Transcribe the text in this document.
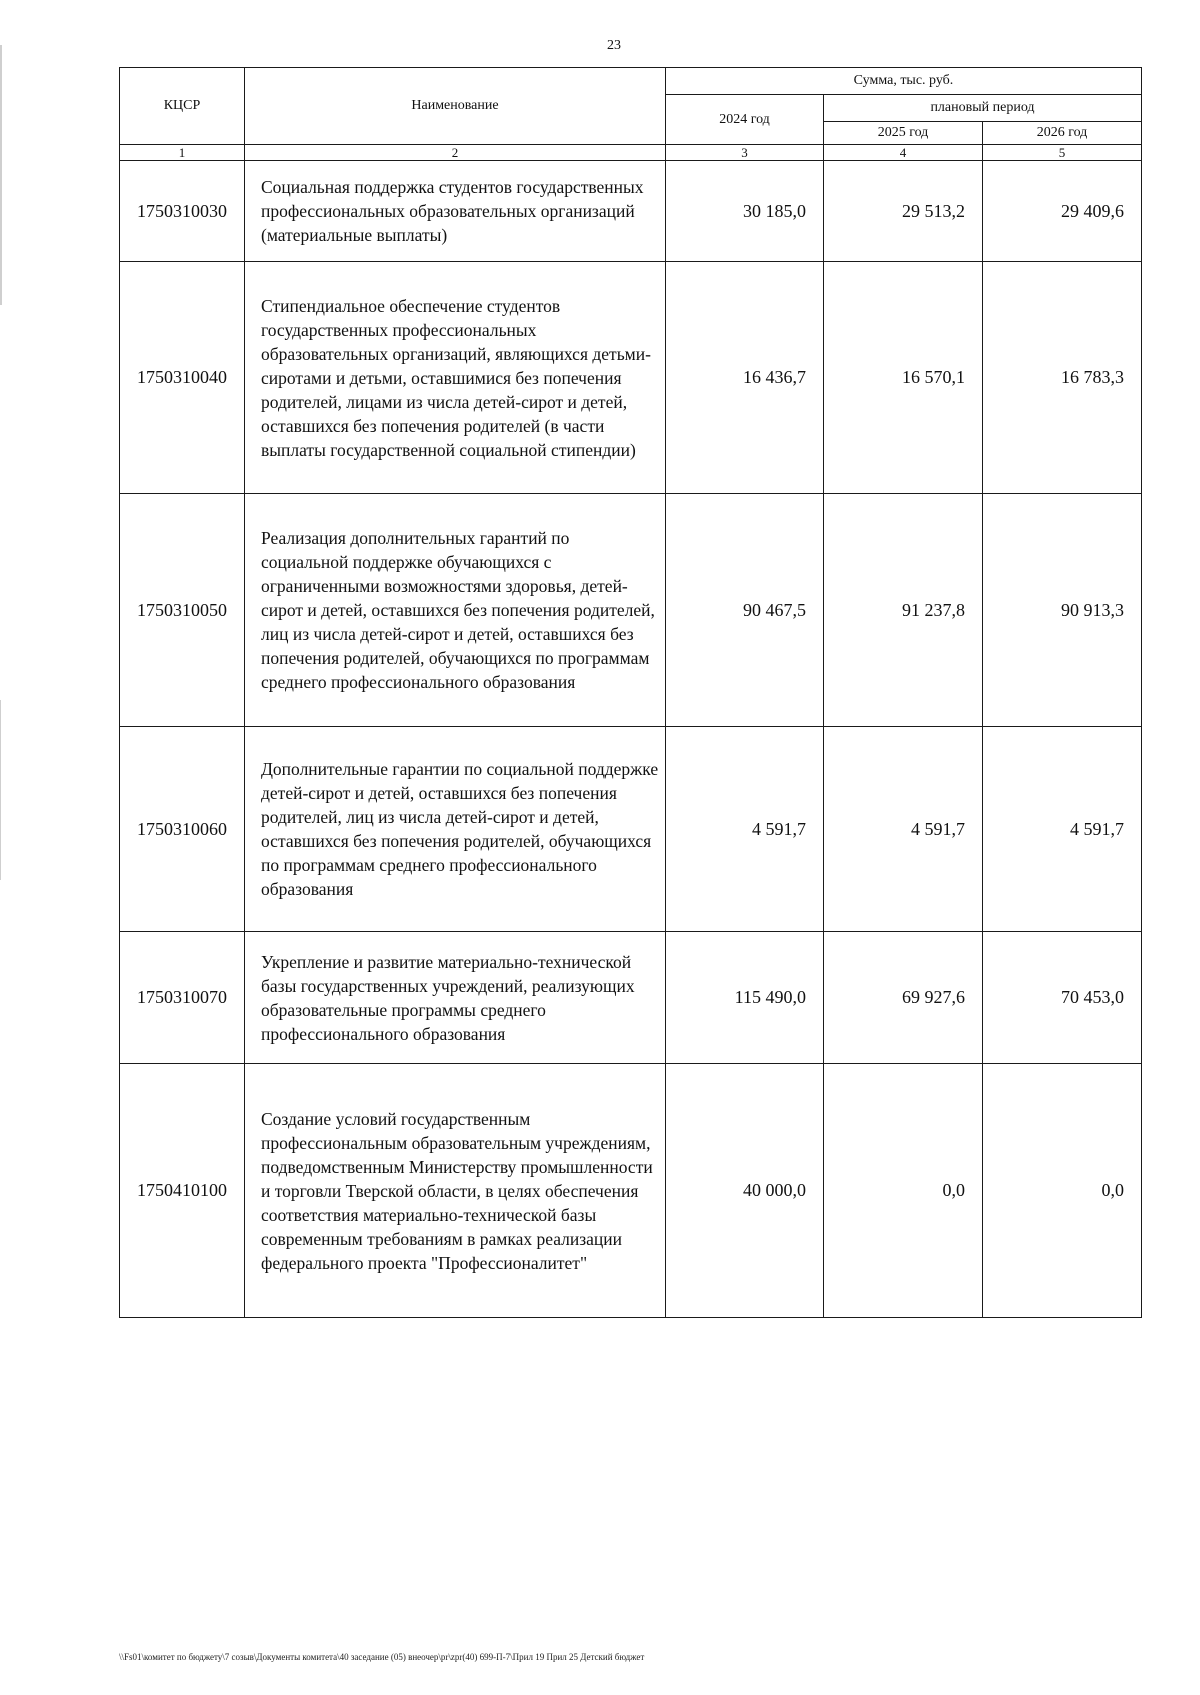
23
КЦСР	Наименование	Сумма, тыс. руб.		
		2024 год	плановый период	
			2025 год	2026 год
1	2	3	4	5
1750310030	Социальная поддержка студентов государственных профессиональных образовательных организаций (материальные выплаты)	30 185,0	29 513,2	29 409,6
1750310040	Стипендиальное обеспечение студентов государственных профессиональных образовательных организаций, являющихся детьми-сиротами и детьми, оставшимися без попечения родителей, лицами из числа детей-сирот и детей, оставшихся без попечения родителей (в части выплаты государственной социальной стипендии)	16 436,7	16 570,1	16 783,3
1750310050	Реализация дополнительных гарантий по социальной поддержке обучающихся с ограниченными возможностями здоровья, детей-сирот и детей, оставшихся без попечения родителей, лиц из числа детей-сирот и детей, оставшихся без попечения родителей, обучающихся по программам среднего профессионального образования	90 467,5	91 237,8	90 913,3
1750310060	Дополнительные гарантии по социальной поддержке детей-сирот и детей, оставшихся без попечения родителей, лиц из числа детей-сирот и детей, оставшихся без попечения родителей, обучающихся по программам среднего профессионального образования	4 591,7	4 591,7	4 591,7
1750310070	Укрепление и развитие материально-технической базы государственных учреждений, реализующих образовательные программы среднего профессионального образования	115 490,0	69 927,6	70 453,0
1750410100	Создание условий государственным профессиональным образовательным учреждениям, подведомственным Министерству промышленности и торговли Тверской области, в целях обеспечения соответствия материально-технической базы современным требованиям в рамках реализации федерального проекта "Профессионалитет"	40 000,0	0,0	0,0
\\Fs01\комитет по бюджету\7 созыв\Документы комитета\40 заседание (05) внеочер\pr\zpr(40) 699-П-7\Прил 19 Прил 25 Детский бюджет
